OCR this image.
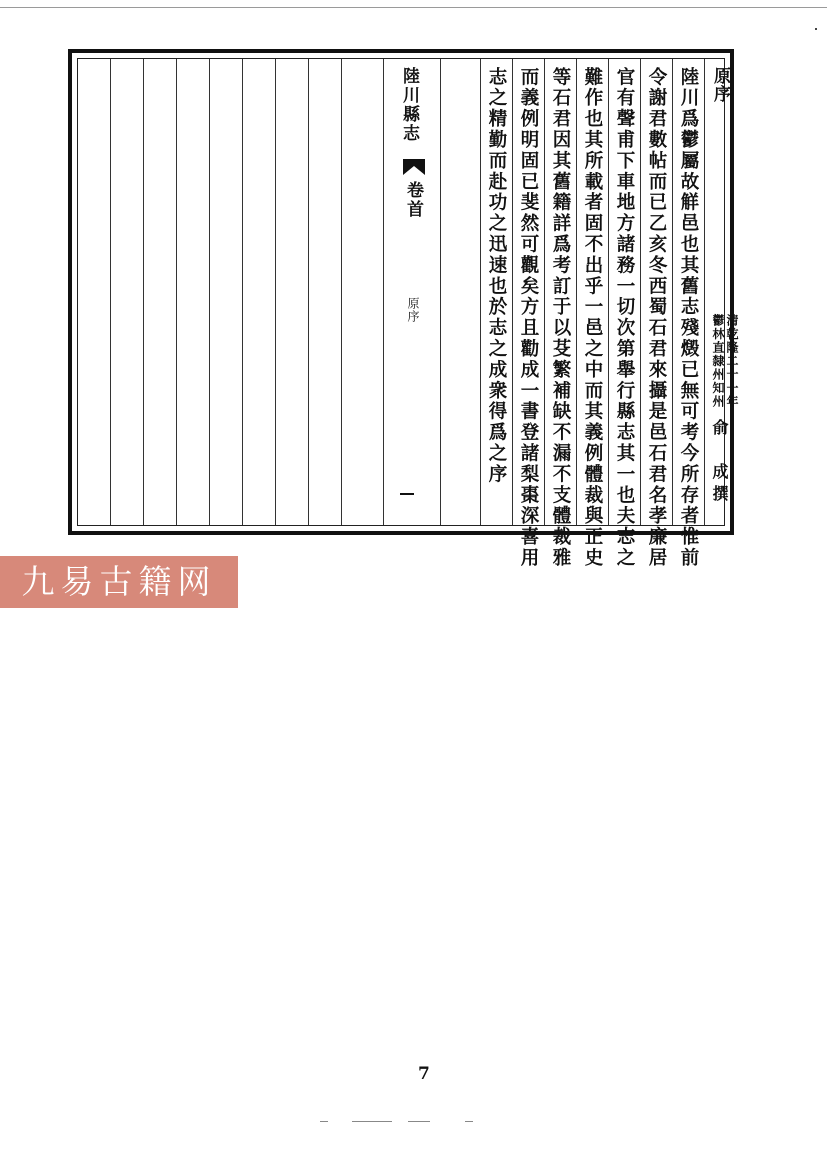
陸川縣志
卷首
原序
原序
清乾隆二十一年
鬱林直隸州知州
俞　成撰
陸川爲鬱屬故觧邑也其舊志殘燬已無可考今所存者惟前
令謝君數帖而已乙亥冬西蜀石君來攝是邑石君名孝廉居
官有聲甫下車地方諸務一切次第舉行縣志其一也夫志之
難作也其所載者固不出乎一邑之中而其義例體裁與正史
等石君因其舊籍詳爲考訂于以芟繁補缺不漏不支體裁雅
而義例明固已斐然可觀矣方且勸成一書登諸梨棗深喜用
志之精勤而赴功之迅速也於志之成衆得爲之序
九易古籍网
7
